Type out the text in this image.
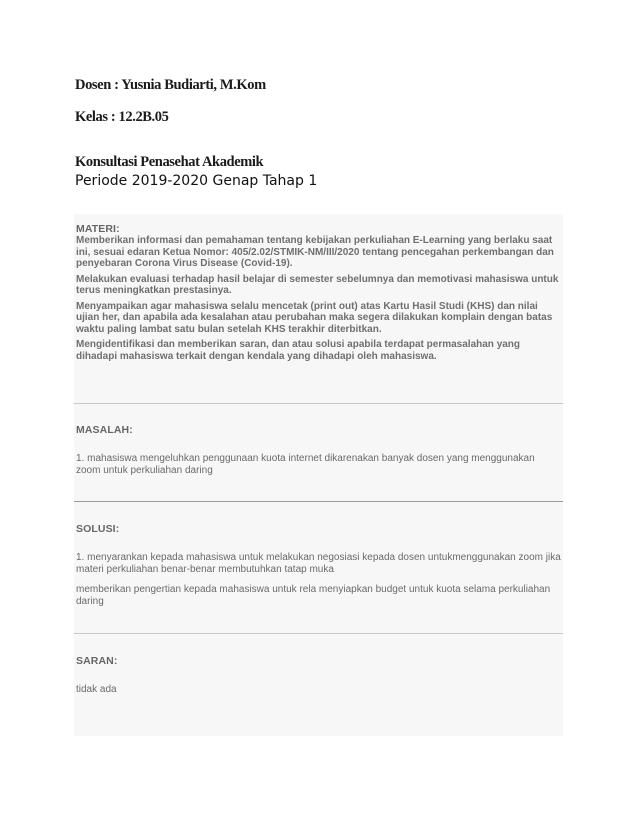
Dosen : Yusnia Budiarti, M.Kom
Kelas : 12.2B.05
Konsultasi Penasehat Akademik
Periode 2019-2020 Genap Tahap 1
MATERI:

Memberikan informasi dan pemahaman tentang kebijakan perkuliahan E-Learning yang berlaku saat ini, sesuai edaran Ketua Nomor: 405/2.02/STMIK-NM/III/2020 tentang pencegahan perkembangan dan penyebaran Corona Virus Disease (Covid-19).

Melakukan evaluasi terhadap hasil belajar di semester sebelumnya dan memotivasi mahasiswa untuk terus meningkatkan prestasinya.

Menyampaikan agar mahasiswa selalu mencetak (print out) atas Kartu Hasil Studi (KHS) dan nilai ujian her, dan apabila ada kesalahan atau perubahan maka segera dilakukan komplain dengan batas waktu paling lambat satu bulan setelah KHS terakhir diterbitkan.

Mengidentifikasi dan memberikan saran, dan atau solusi apabila terdapat permasalahan yang dihadapi mahasiswa terkait dengan kendala yang dihadapi oleh mahasiswa.

MASALAH:

1. mahasiswa mengeluhkan penggunaan kuota internet dikarenakan banyak dosen yang menggunakan zoom untuk perkuliahan daring

SOLUSI:

1. menyarankan kepada mahasiswa untuk melakukan negosiasi kepada dosen untukmenggunakan zoom jika materi perkuliahan benar-benar membutuhkan tatap muka

memberikan pengertian kepada mahasiswa untuk rela menyiapkan budget untuk kuota selama perkuliahan daring

SARAN:

tidak ada
